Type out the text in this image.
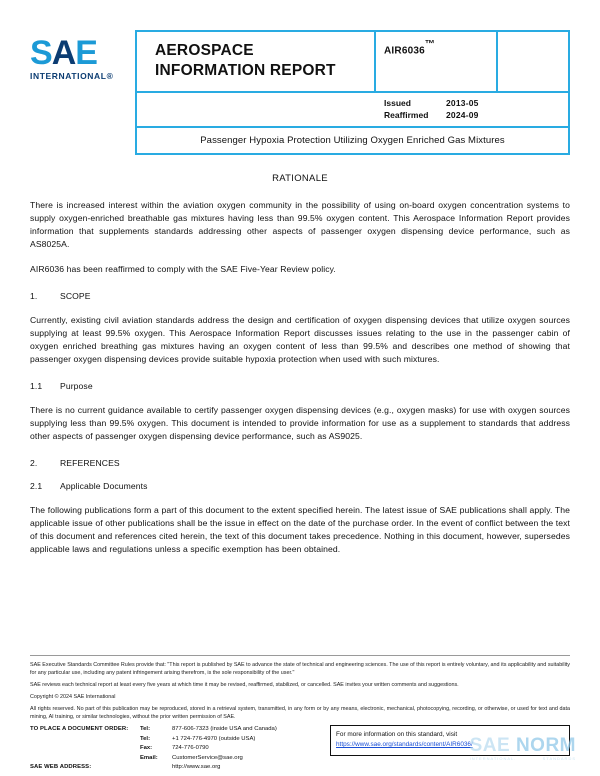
SAE
INTERNATIONAL®
AEROSPACE
INFORMATION REPORT
AIR6036™
Issued	2013-05
Reaffirmed	2024-09
Passenger Hypoxia Protection Utilizing Oxygen Enriched Gas Mixtures
RATIONALE

There is increased interest within the aviation oxygen community in the possibility of using on-board oxygen concentration systems to supply oxygen-enriched breathable gas mixtures having less than 99.5% oxygen content. This Aerospace Information Report provides information that supplements standards addressing other aspects of passenger oxygen dispensing device performance, such as AS8025A.

AIR6036 has been reaffirmed to comply with the SAE Five-Year Review policy.

1.	SCOPE

Currently, existing civil aviation standards address the design and certification of oxygen dispensing devices that utilize oxygen sources supplying at least 99.5% oxygen. This Aerospace Information Report discusses issues relating to the use in the passenger cabin of oxygen enriched breathing gas mixtures having an oxygen content of less than 99.5% and describes one method of showing that passenger oxygen dispensing devices provide suitable hypoxia protection when used with such mixtures.

1.1 Purpose

There is no current guidance available to certify passenger oxygen dispensing devices (e.g., oxygen masks) for use with oxygen sources supplying less than 99.5% oxygen. This document is intended to provide information for use as a supplement to standards that address other aspects of passenger oxygen dispensing device performance, such as AS9025.

2.	REFERENCES
2.1 Applicable Documents

The following publications form a part of this document to the extent specified herein. The latest issue of SAE publications shall apply. The applicable issue of other publications shall be the issue in effect on the date of the purchase order. In the event of conflict between the text of this document and references cited herein, the text of this document takes precedence. Nothing in this document, however, supersedes applicable laws and regulations unless a specific exemption has been obtained.

SAE Executive Standards Committee Rules provide that: "This report is published by SAE to advance the state of technical and engineering sciences. The use of this report is entirely voluntary, and its applicability and suitability for any particular use, including any patent infringement arising therefrom, is the sole responsibility of the user."

SAE reviews each technical report at least every five years at which time it may be revised, reaffirmed, stabilized, or cancelled. SAE invites your written comments and suggestions.

Copyright © 2024 SAE International

All rights reserved. No part of this publication may be reproduced, stored in a retrieval system, transmitted, in any form or by any means, electronic, mechanical, photocopying, recording, or otherwise, or used for text and data mining, AI training, or similar technologies, without the prior written permission of SAE.

TO PLACE A DOCUMENT ORDER:	Tel:	877-606-7323 (inside USA and Canada)
Tel:	+1 724-776-4970 (outside USA)
Fax:	724-776-0790
Email:	CustomerService@sae.org
SAE WEB ADDRESS:	http://www.sae.org
For more information on this standard, visit
https://www.sae.org/standards/content/AIR6036/
SAE NORM
INTERNATIONAL.	STANDARDS
